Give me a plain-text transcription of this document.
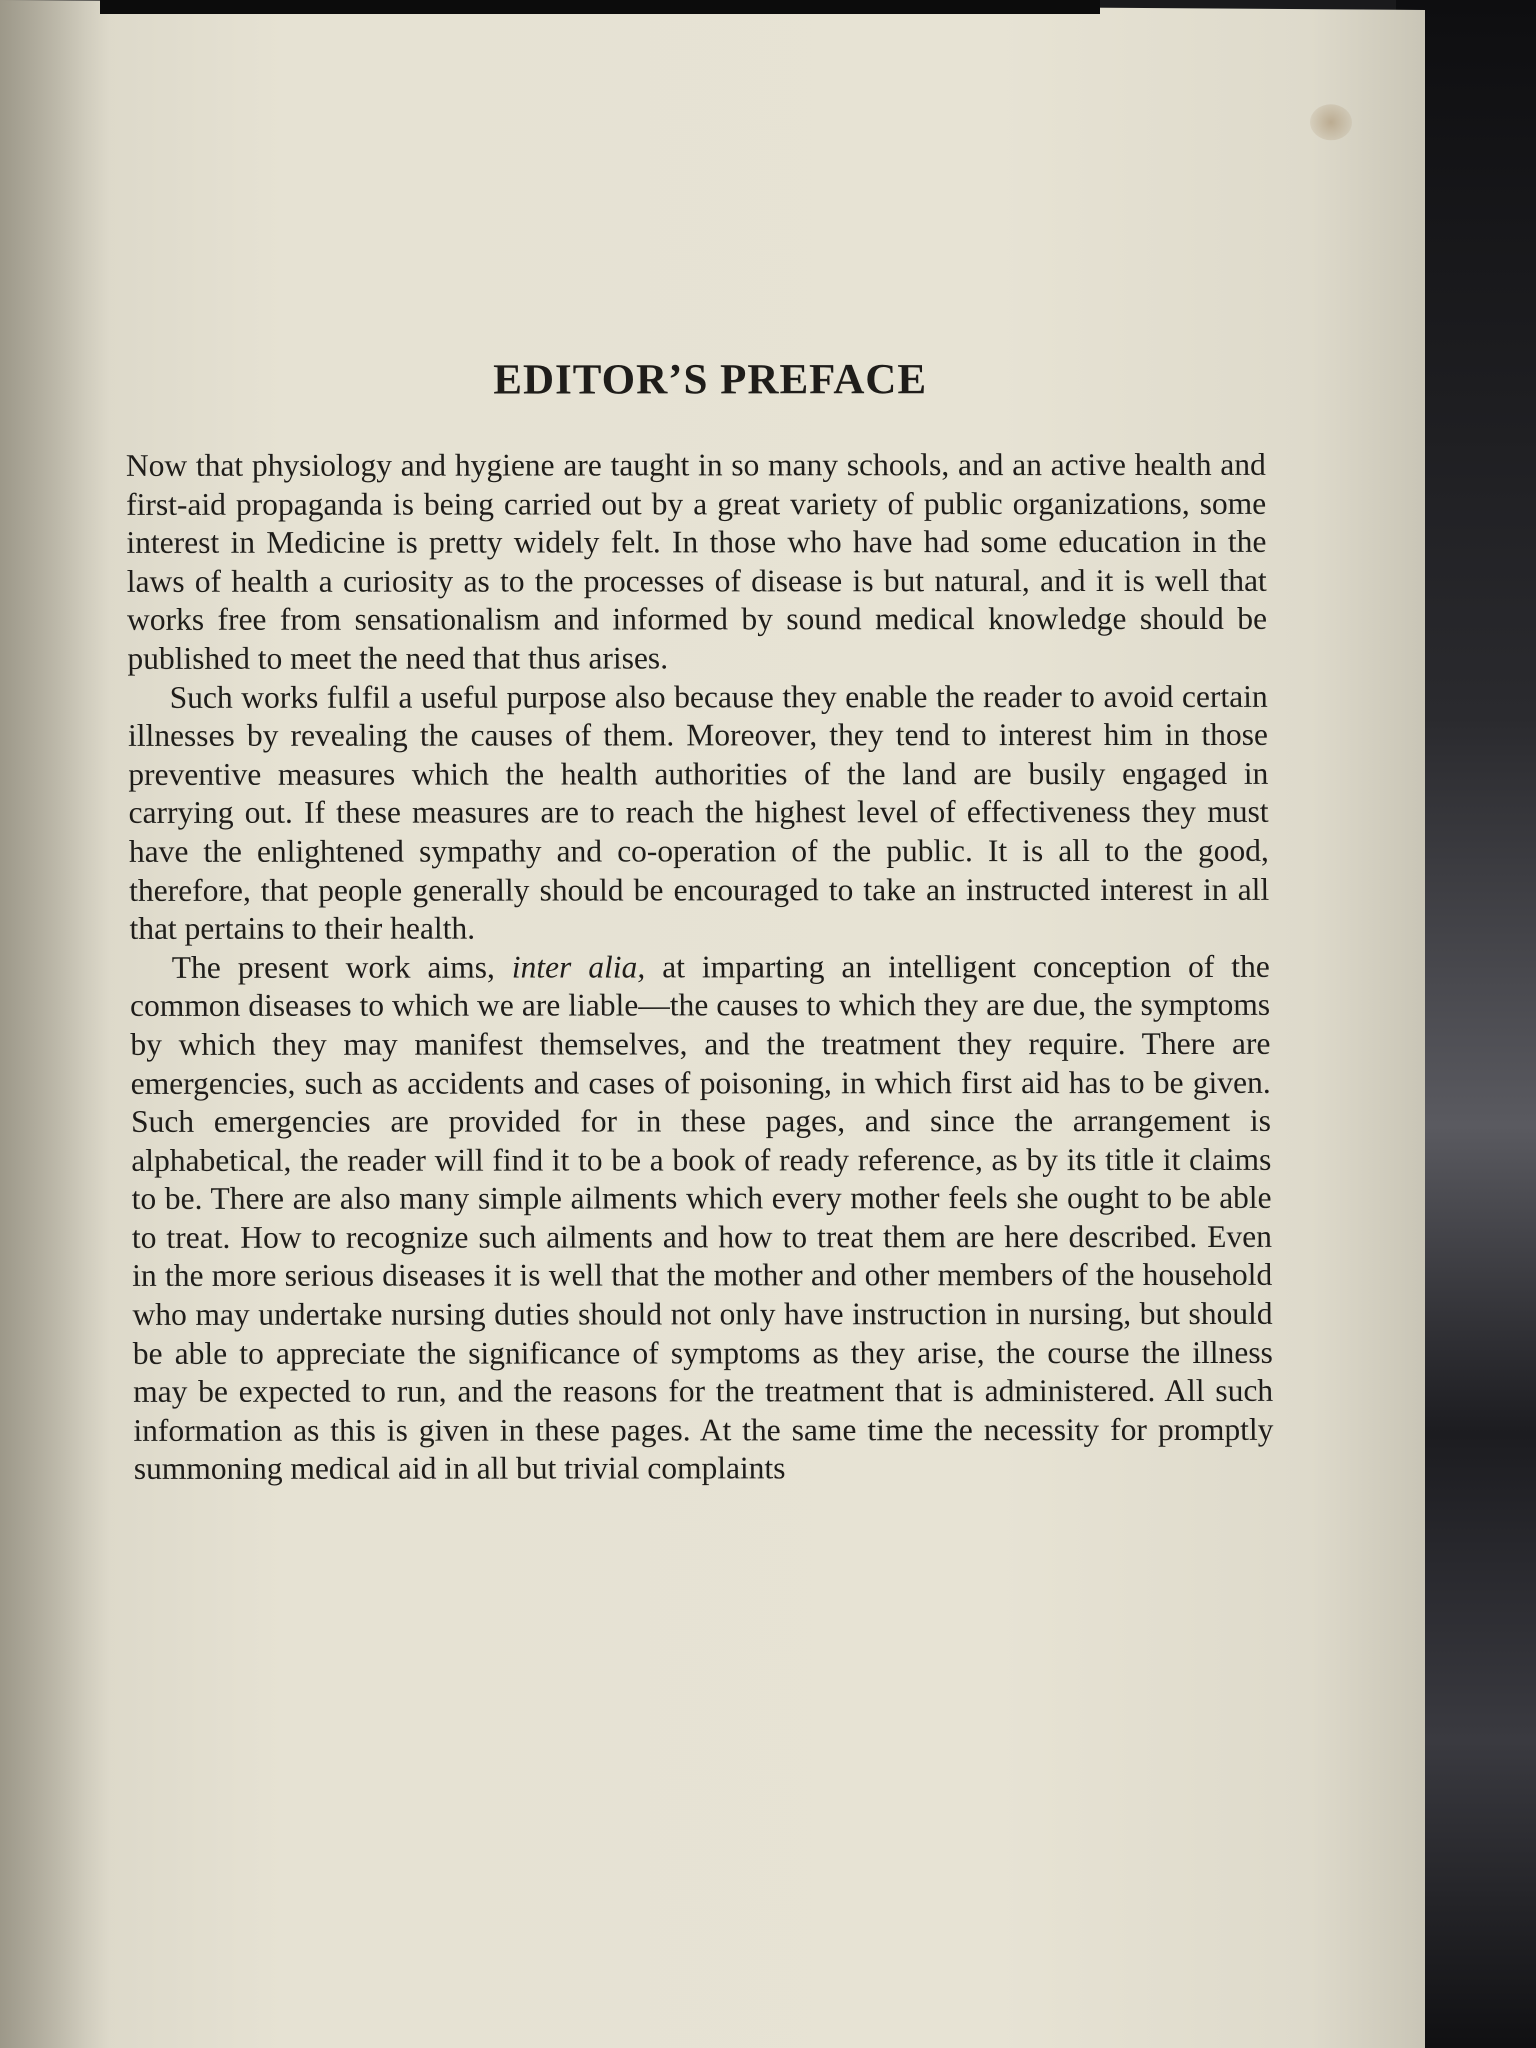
EDITOR’S PREFACE

Now that physiology and hygiene are taught in so many schools, and an active health and first-aid propaganda is being carried out by a great variety of public organizations, some interest in Medicine is pretty widely felt. In those who have had some education in the laws of health a curiosity as to the processes of disease is but natural, and it is well that works free from sensationalism and informed by sound medical knowledge should be published to meet the need that thus arises.

Such works fulfil a useful purpose also because they enable the reader to avoid certain illnesses by revealing the causes of them. Moreover, they tend to interest him in those preventive measures which the health authorities of the land are busily engaged in carrying out. If these measures are to reach the highest level of effectiveness they must have the enlightened sympathy and co-operation of the public. It is all to the good, therefore, that people generally should be encouraged to take an instructed interest in all that pertains to their health.

The present work aims, inter alia, at imparting an intelligent conception of the common diseases to which we are liable—the causes to which they are due, the symptoms by which they may manifest themselves, and the treatment they require. There are emergencies, such as accidents and cases of poisoning, in which first aid has to be given. Such emergencies are provided for in these pages, and since the arrangement is alphabetical, the reader will find it to be a book of ready reference, as by its title it claims to be. There are also many simple ailments which every mother feels she ought to be able to treat. How to recognize such ailments and how to treat them are here described. Even in the more serious diseases it is well that the mother and other members of the household who may undertake nursing duties should not only have instruction in nursing, but should be able to appreciate the significance of symptoms as they arise, the course the illness may be expected to run, and the reasons for the treatment that is administered. All such information as this is given in these pages. At the same time the necessity for promptly summoning medical aid in all but trivial complaints
